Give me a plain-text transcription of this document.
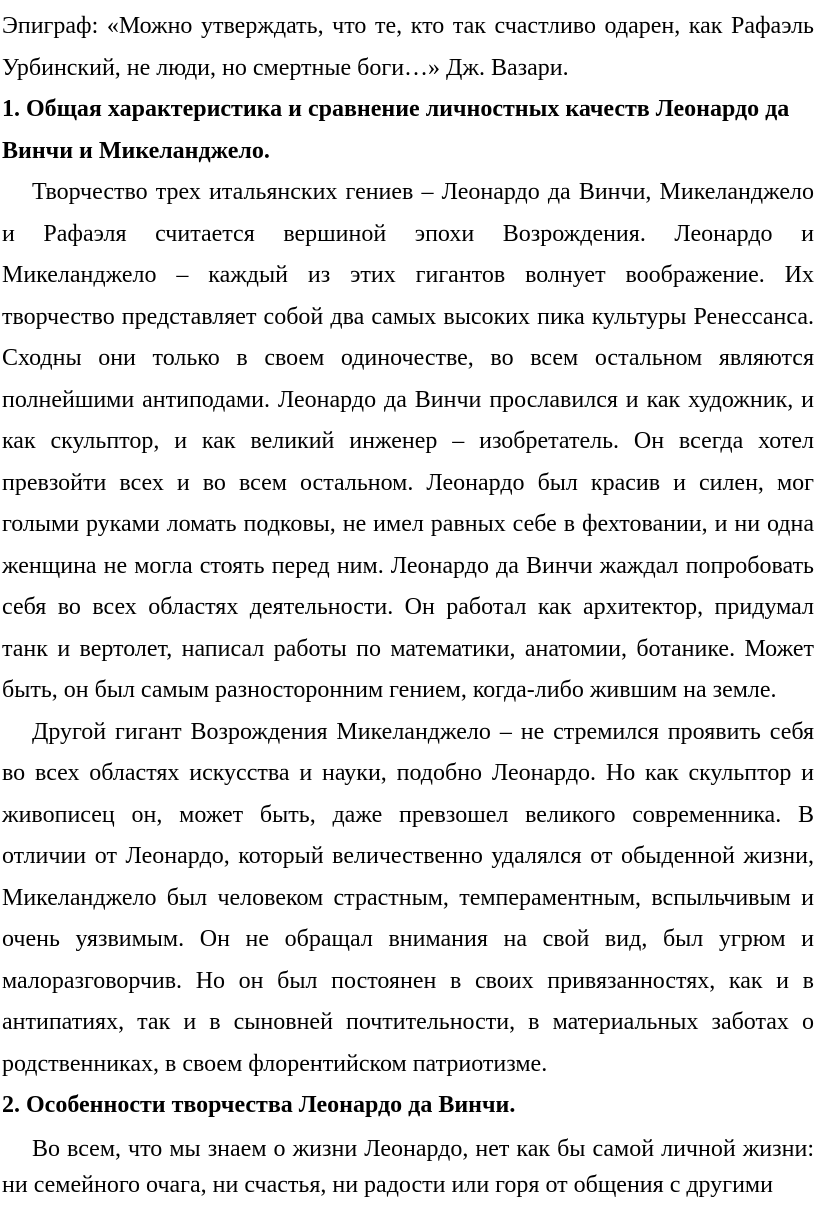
Эпиграф: «Можно утверждать, что те, кто так счастливо одарен, как Рафаэль Урбинский, не люди, но смертные боги…» Дж. Вазари.

1. Общая характеристика и сравнение личностных качеств Леонардо да Винчи и Микеланджело.

Творчество трех итальянских гениев – Леонардо да Винчи, Микеланджело и Рафаэля считается вершиной эпохи Возрождения. Леонардо и Микеланджело – каждый из этих гигантов волнует воображение. Их творчество представляет собой два самых высоких пика культуры Ренессанса. Сходны они только в своем одиночестве, во всем остальном являются полнейшими антиподами. Леонардо да Винчи прославился и как художник, и как скульптор, и как великий инженер – изобретатель. Он всегда хотел превзойти всех и во всем остальном. Леонардо был красив и силен, мог голыми руками ломать подковы, не имел равных себе в фехтовании, и ни одна женщина не могла стоять перед ним. Леонардо да Винчи жаждал попробовать себя во всех областях деятельности. Он работал как архитектор, придумал танк и вертолет, написал работы по математики, анатомии, ботанике. Может быть, он был самым разносторонним гением, когда-либо жившим на земле.

Другой гигант Возрождения Микеланджело – не стремился проявить себя во всех областях искусства и науки, подобно Леонардо. Но как скульптор и живописец он, может быть, даже превзошел великого современника. В отличии от Леонардо, который величественно удалялся от обыденной жизни, Микеланджело был человеком страстным, темпераментным, вспыльчивым и очень уязвимым. Он не обращал внимания на свой вид, был угрюм и малоразговорчив. Но он был постоянен в своих привязанностях, как и в антипатиях, так и в сыновней почтительности, в материальных заботах о родственниках, в своем флорентийском патриотизме.

2. Особенности творчества Леонардо да Винчи.

Во всем, что мы знаем о жизни Леонардо, нет как бы самой личной жизни: ни семейного очага, ни счастья, ни радости или горя от общения с другими
